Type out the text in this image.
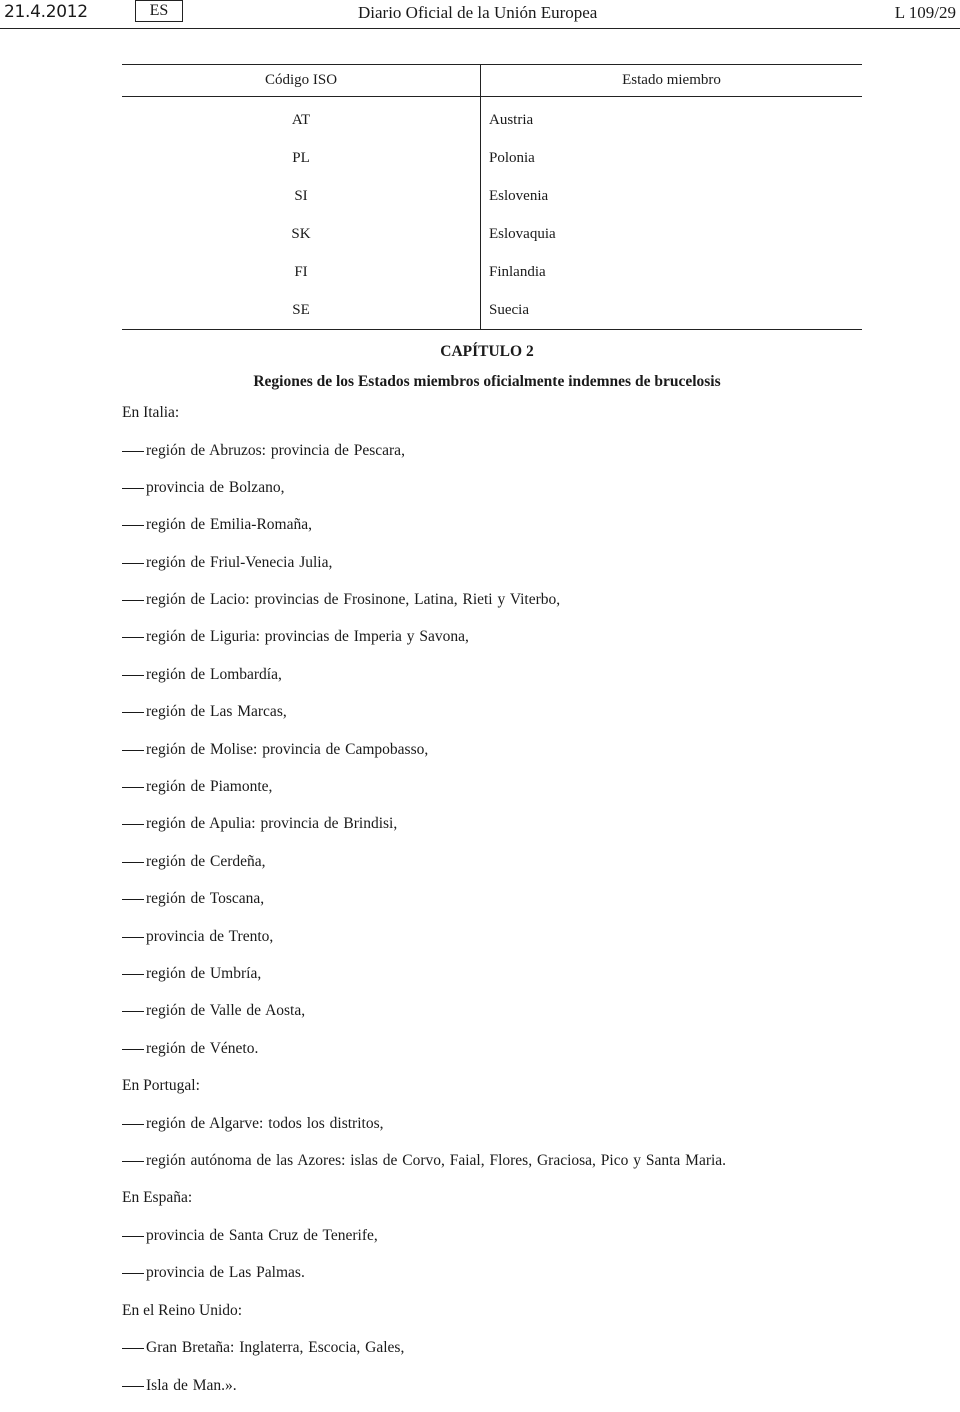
21.4.2012	ES	Diario Oficial de la Unión Europea	L 109/29
Código ISO	Estado miembro
AT	Austria
PL	Polonia
SI	Eslovenia
SK	Eslovaquia
FI	Finlandia
SE	Suecia
CAPÍTULO 2
Regiones de los Estados miembros oficialmente indemnes de brucelosis
En Italia:
región de Abruzos: provincia de Pescara,
provincia de Bolzano,
región de Emilia-Romaña,
región de Friul-Venecia Julia,
región de Lacio: provincias de Frosinone, Latina, Rieti y Viterbo,
región de Liguria: provincias de Imperia y Savona,
región de Lombardía,
región de Las Marcas,
región de Molise: provincia de Campobasso,
región de Piamonte,
región de Apulia: provincia de Brindisi,
región de Cerdeña,
región de Toscana,
provincia de Trento,
región de Umbría,
región de Valle de Aosta,
región de Véneto.
En Portugal:
región de Algarve: todos los distritos,
región autónoma de las Azores: islas de Corvo, Faial, Flores, Graciosa, Pico y Santa Maria.
En España:
provincia de Santa Cruz de Tenerife,
provincia de Las Palmas.
En el Reino Unido:
Gran Bretaña: Inglaterra, Escocia, Gales,
Isla de Man.».
